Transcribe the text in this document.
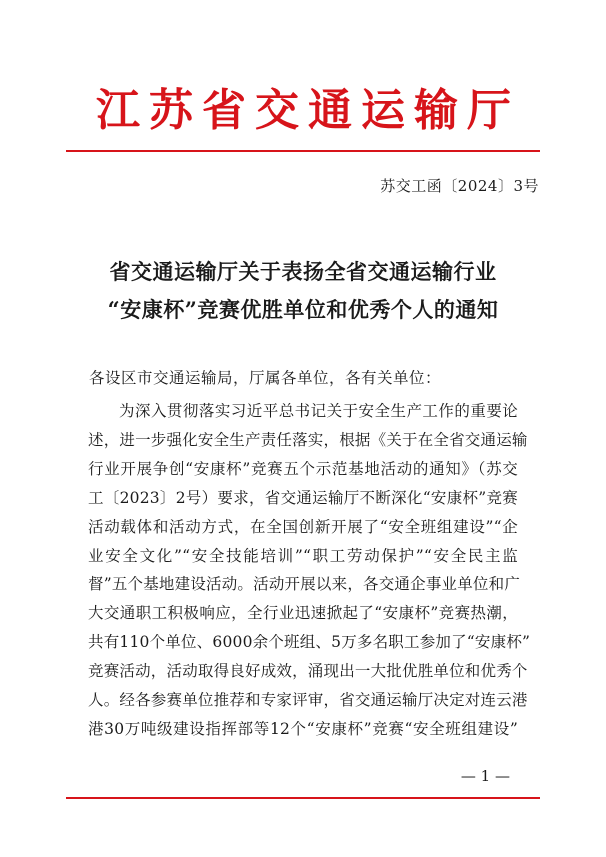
江苏省交通运输厅
苏交工函〔2024〕3号
省交通运输厅关于表扬全省交通运输行业
“安康杯”竞赛优胜单位和优秀个人的通知
各设区市交通运输局，厅属各单位，各有关单位：
为深入贯彻落实习近平总书记关于安全生产工作的重要论
述，进一步强化安全生产责任落实，根据《关于在全省交通运输
行业开展争创“安康杯”竞赛五个示范基地活动的通知》（苏交
工〔2023〕2号）要求，省交通运输厅不断深化“安康杯”竞赛
活动载体和活动方式，在全国创新开展了“安全班组建设”“企
业安全文化”“安全技能培训”“职工劳动保护”“安全民主监
督”五个基地建设活动。活动开展以来，各交通企事业单位和广
大交通职工积极响应，全行业迅速掀起了“安康杯”竞赛热潮，
共有110个单位、6000余个班组、5万多名职工参加了“安康杯”
竞赛活动，活动取得良好成效，涌现出一大批优胜单位和优秀个
人。经各参赛单位推荐和专家评审，省交通运输厅决定对连云港
港30万吨级建设指挥部等12个“安康杯”竞赛“安全班组建设”
— 1 —
